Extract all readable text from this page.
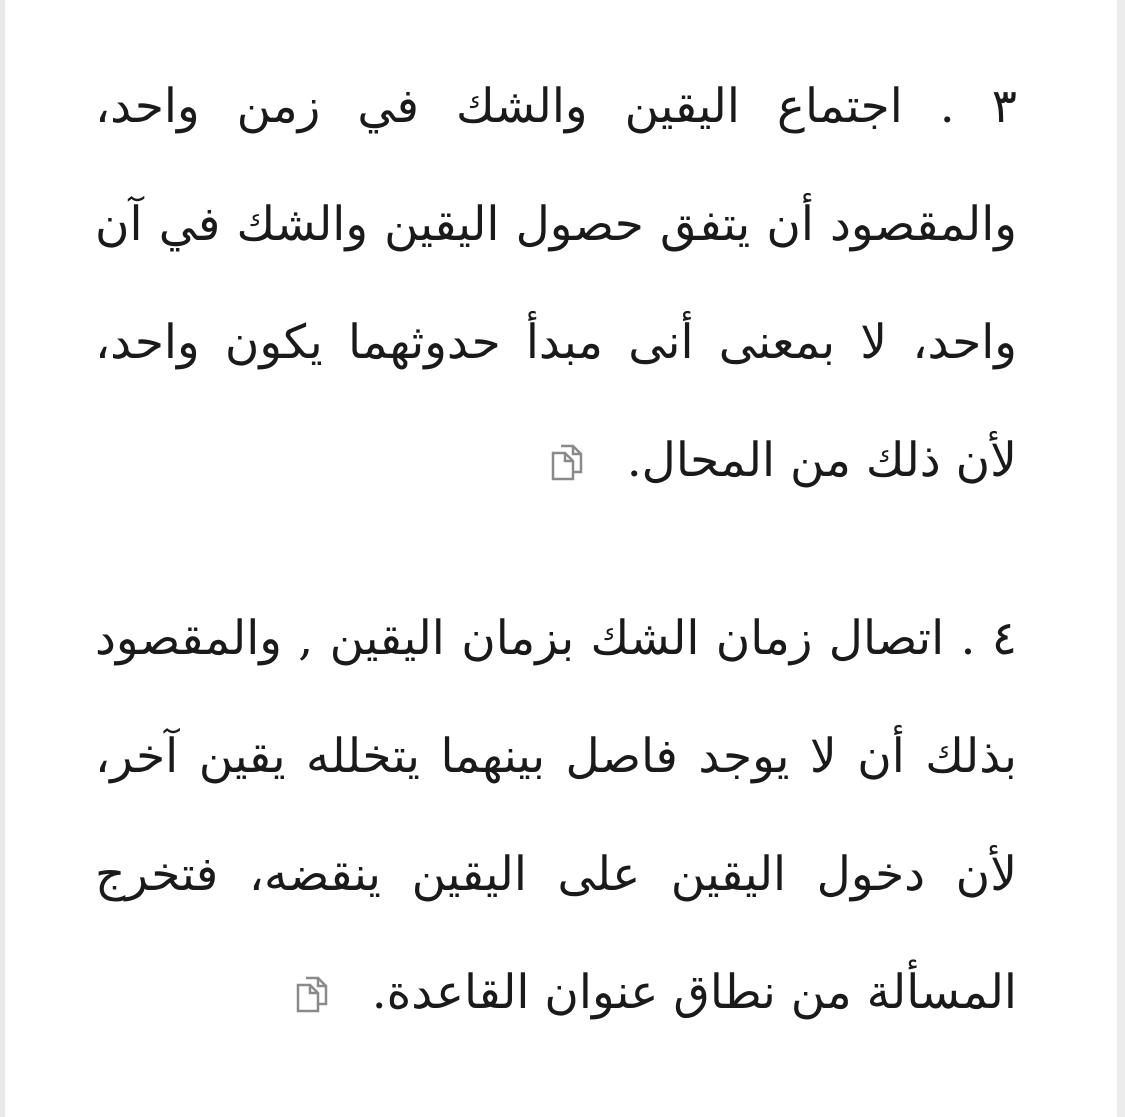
٣ . اجتماع اليقين والشك في زمن واحد، والمقصود أن يتفق حصول اليقين والشك في آن واحد، لا بمعنى أنى مبدأ حدوثهما يكون واحد، لأن ذلك من المحال.

٤ . اتصال زمان الشك بزمان اليقين , والمقصود بذلك أن لا يوجد فاصل بينهما يتخلله يقين آخر، لأن دخول اليقين على اليقين ينقضه، فتخرج المسألة من نطاق عنوان القاعدة.
